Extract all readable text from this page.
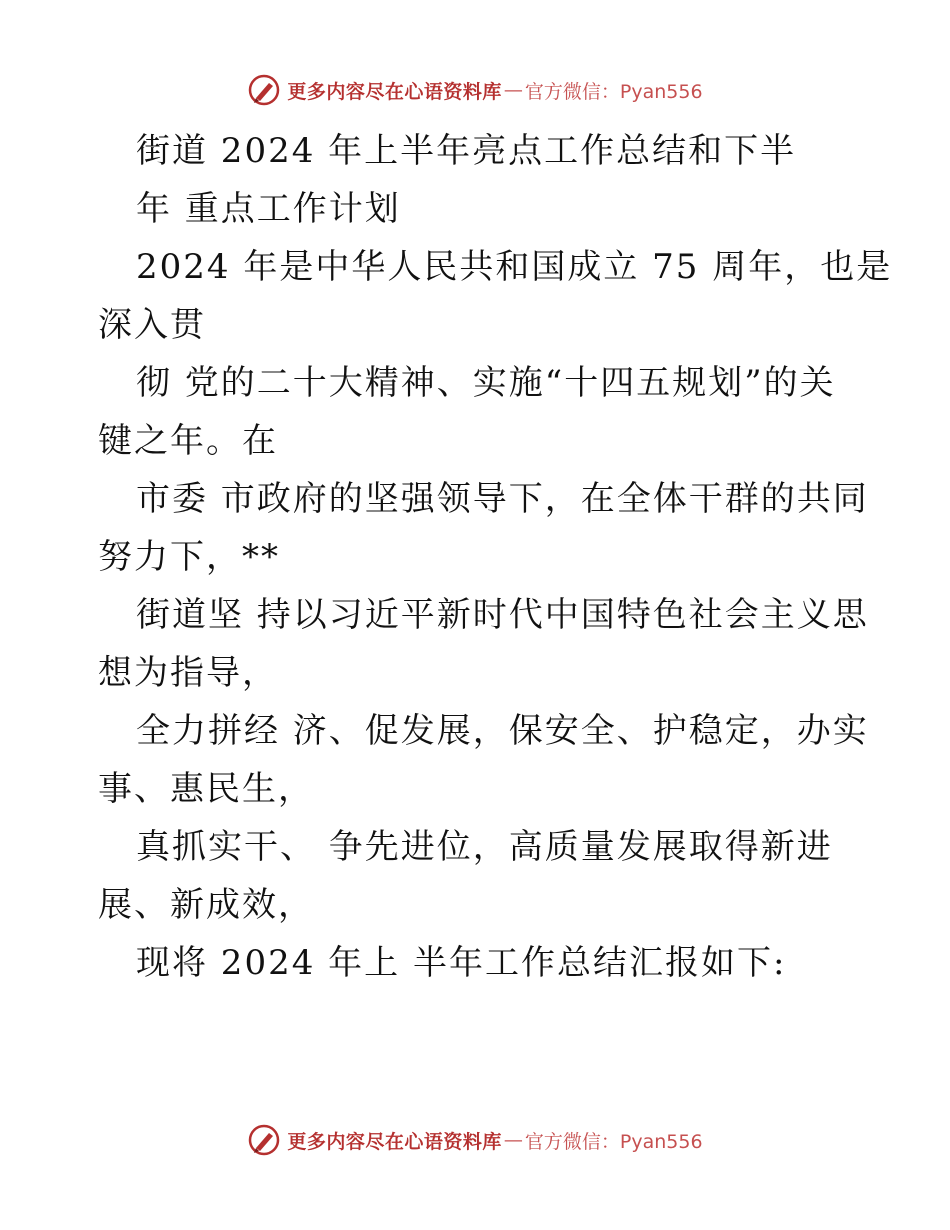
更多内容尽在心语资料库 — 官方微信：Pyan556
街道 2024 年上半年亮点工作总结和下半
年 重点工作计划
2024 年是中华人民共和国成立 75 周年，也是
深入贯
彻 党的二十大精神、实施“十四五规划”的关
键之年。在
市委 市政府的坚强领导下，在全体干群的共同
努力下，**
街道坚 持以习近平新时代中国特色社会主义思
想为指导，
全力拼经 济、促发展，保安全、护稳定，办实
事、惠民生，
真抓实干、 争先进位，高质量发展取得新进
展、新成效，
现将 2024 年上 半年工作总结汇报如下:
更多内容尽在心语资料库 — 官方微信：Pyan556
